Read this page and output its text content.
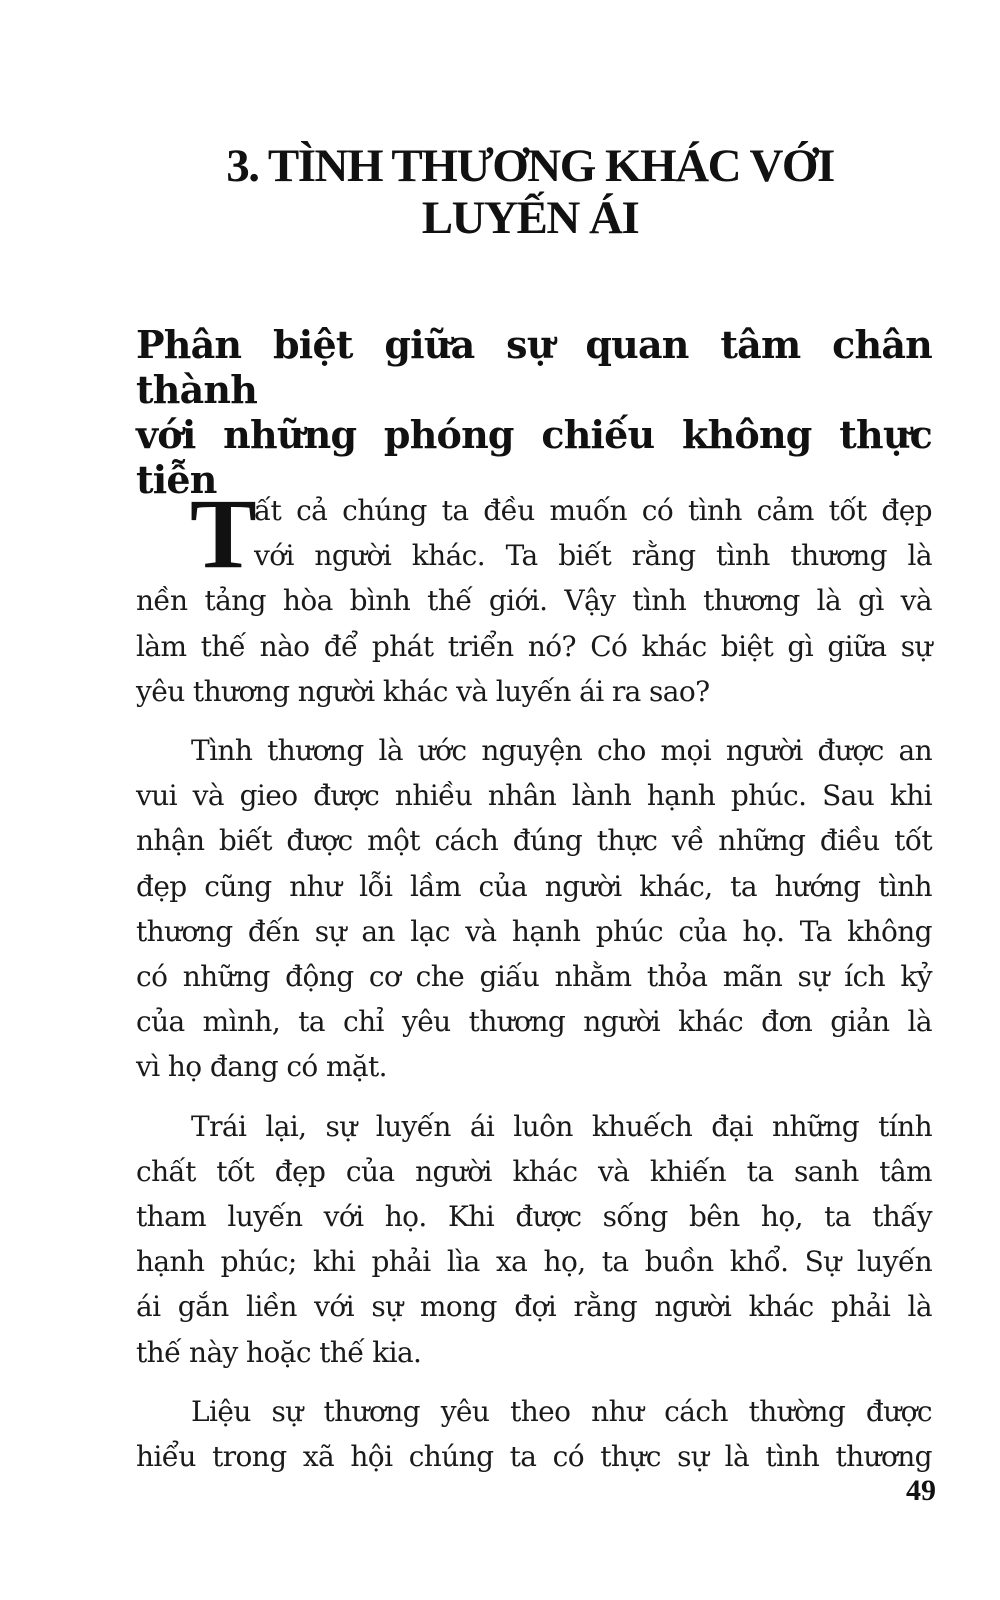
3. TÌNH THƯƠNG KHÁC VỚI
LUYẾN ÁI
Phân biệt giữa sự quan tâm chân thành
với những phóng chiếu không thực
tiễn

T
ất cả chúng ta đều muốn có tình cảm tốt đẹp
với người khác. Ta biết rằng tình thương là
nền tảng hòa bình thế giới. Vậy tình thương là gì và
làm thế nào để phát triển nó? Có khác biệt gì giữa sự
yêu thương người khác và luyến ái ra sao?

Tình thương là ước nguyện cho mọi người được an
vui và gieo được nhiều nhân lành hạnh phúc. Sau khi
nhận biết được một cách đúng thực về những điều tốt
đẹp cũng như lỗi lầm của người khác, ta hướng tình
thương đến sự an lạc và hạnh phúc của họ. Ta không
có những động cơ che giấu nhằm thỏa mãn sự ích kỷ
của mình, ta chỉ yêu thương người khác đơn giản là
vì họ đang có mặt.

Trái lại, sự luyến ái luôn khuếch đại những tính
chất tốt đẹp của người khác và khiến ta sanh tâm
tham luyến với họ. Khi được sống bên họ, ta thấy
hạnh phúc; khi phải lìa xa họ, ta buồn khổ. Sự luyến
ái gắn liền với sự mong đợi rằng người khác phải là
thế này hoặc thế kia.

Liệu sự thương yêu theo như cách thường được
hiểu trong xã hội chúng ta có thực sự là tình thương

49
